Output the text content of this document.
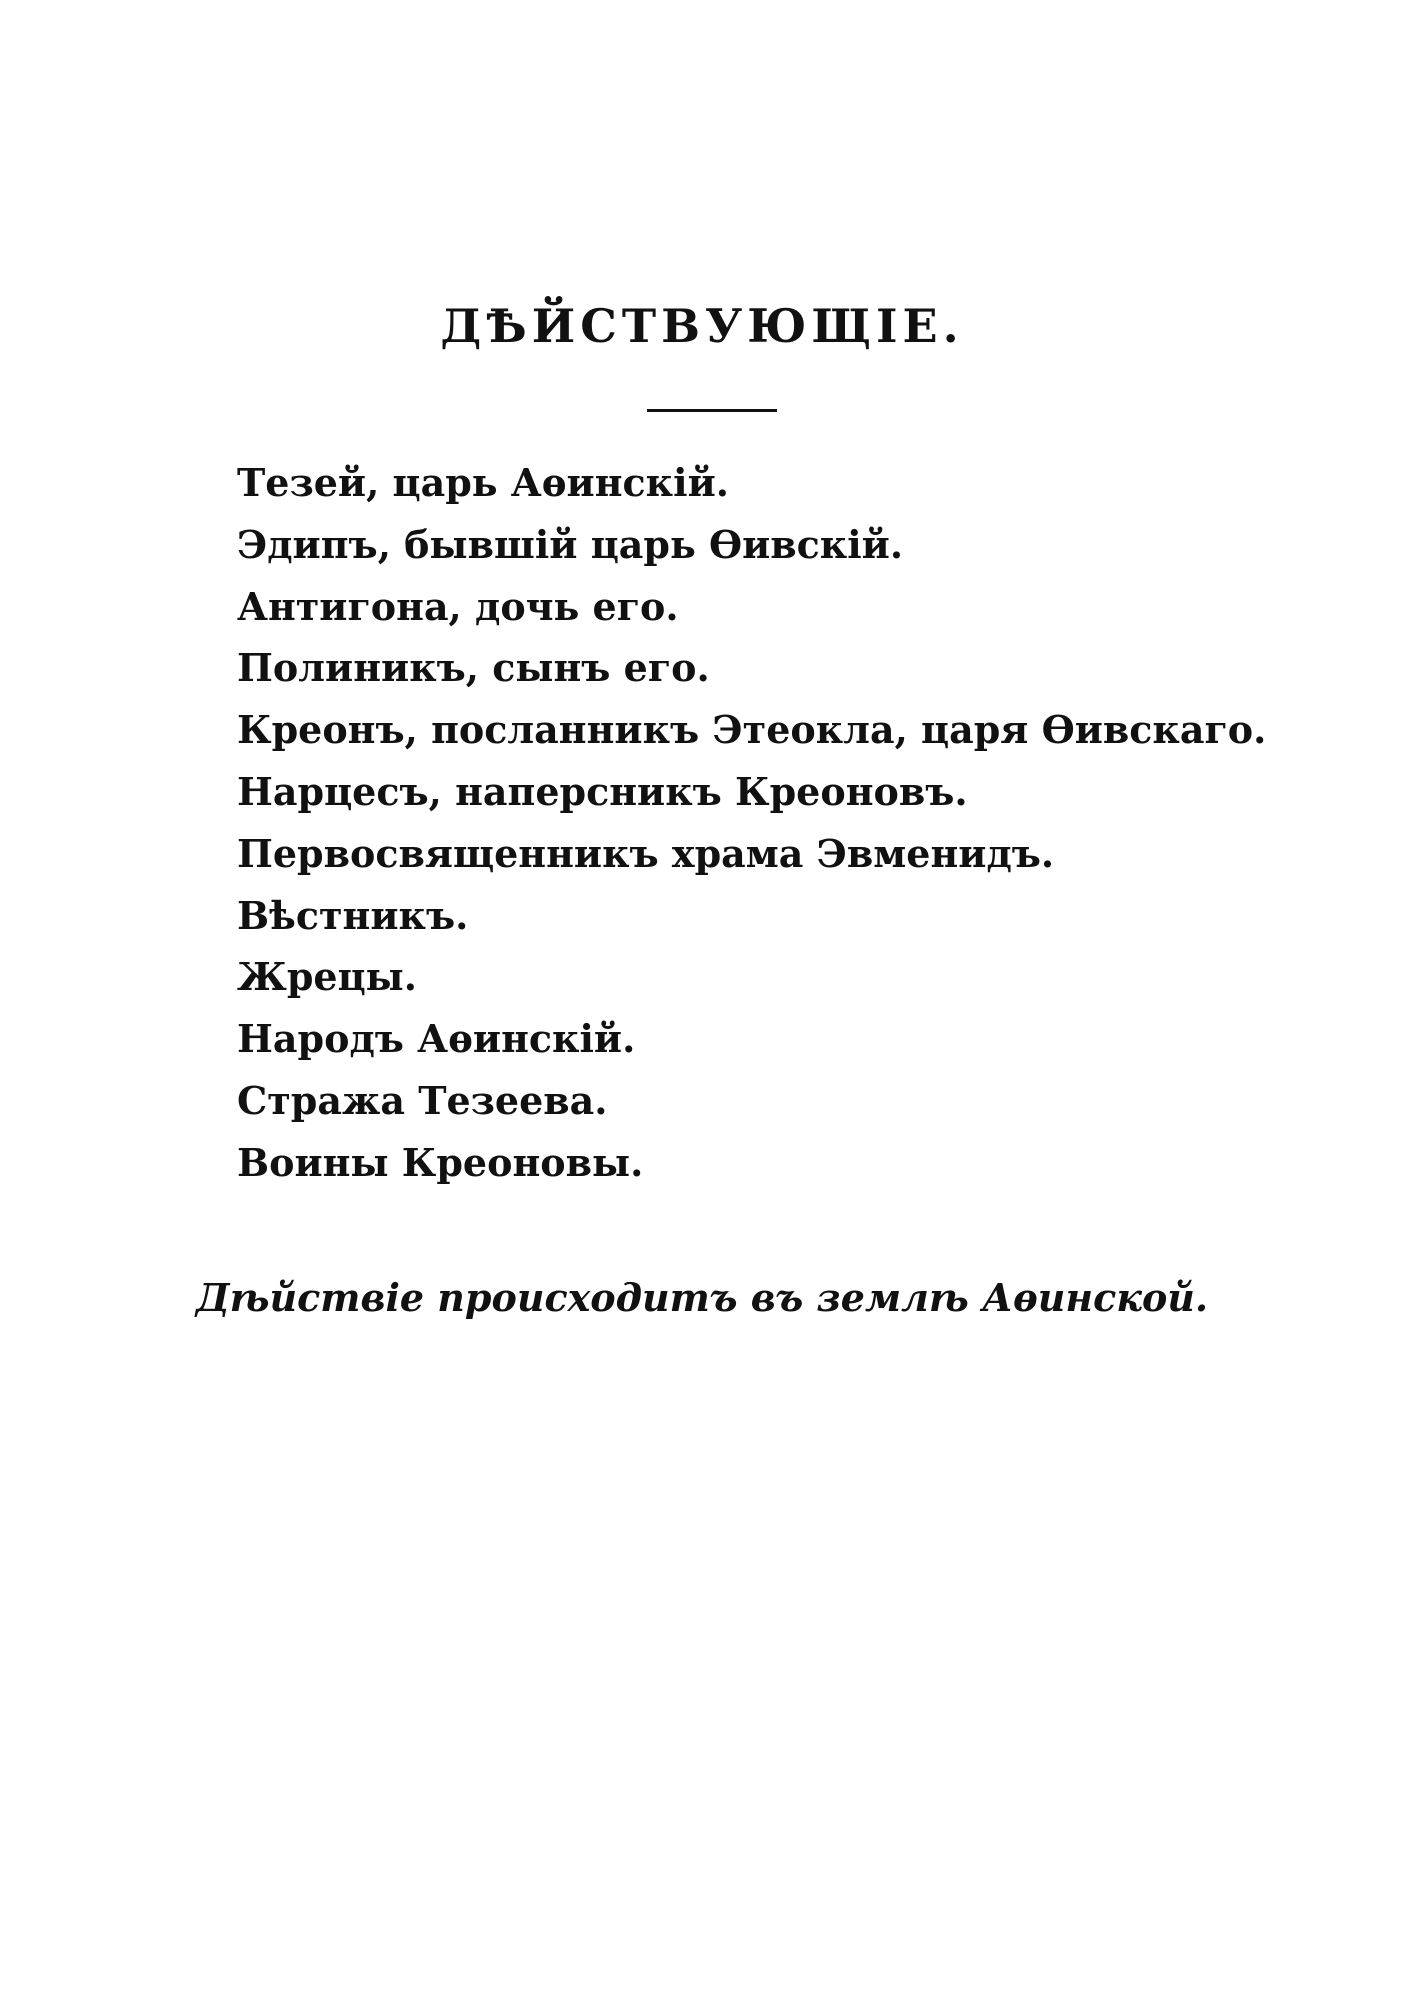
ДѢЙСТВУЮЩІЕ.
Тезей, царь Аѳинскій.
Эдипъ, бывшій царь Ѳивскій.
Антигона, дочь его.
Полиникъ, сынъ его.
Креонъ, посланникъ Этеокла, царя Ѳивскаго.
Нарцесъ, наперсникъ Креоновъ.
Первосвященникъ храма Эвменидъ.
Вѣстникъ.
Жрецы.
Народъ Аѳинскій.
Стража Тезеева.
Воины Креоновы.
Дѣйствіе происходитъ въ землѣ Аѳинской.
